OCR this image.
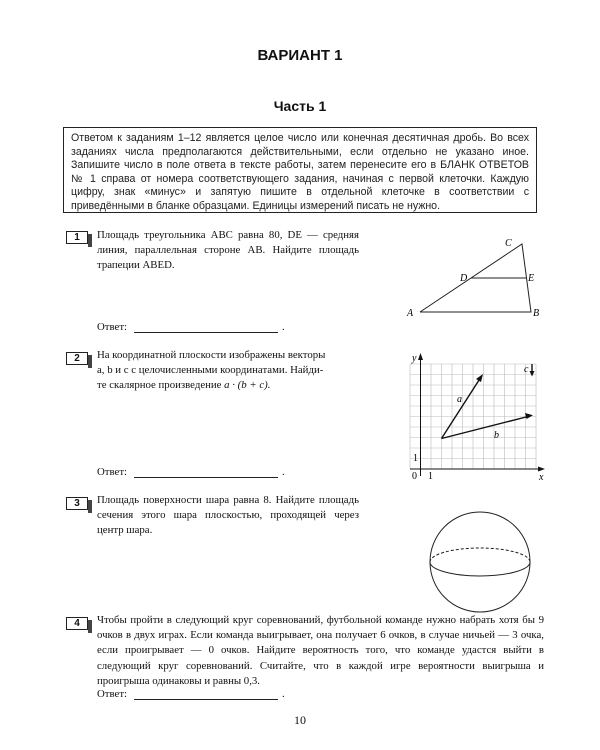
ВАРИАНТ 1
Часть 1
Ответом к заданиям 1–12 является целое число или конечная десятичная дробь. Во всех заданиях числа предполагаются действительными, если отдельно не указано иное. Запишите число в поле ответа в тексте работы, затем перенесите его в БЛАНК ОТВЕТОВ № 1 справа от номера соответствующего задания, начиная с первой клеточки. Каждую цифру, знак «минус» и запятую пишите в отдельной клеточке в соответствии с приведёнными в бланке образцами. Единицы измерений писать не нужно.
1	Площадь треугольника ABC равна 80, DE — средняя линия, параллельная стороне AB. Найдите площадь трапеции ABED.
A	B
C
D	E
Ответ:	.
2	На координатной плоскости изображены векторы
a, b и c с целочисленными координатами. Найди-
те скалярное произведение a · (b + c).
y
x
0 1
1
a
b
c
Ответ:	.
3	Площадь поверхности шара равна 8. Найдите площадь сечения этого шара плоскостью, проходящей через центр шара.
4	Чтобы пройти в следующий круг соревнований, футбольной команде нужно набрать хотя бы 9 очков в двух играх. Если команда выигрывает, она получает 6 очков, в случае ничьей — 3 очка, если проигрывает — 0 очков. Найдите вероятность того, что команде удастся выйти в следующий круг соревнований. Считайте, что в каждой игре вероятности выигрыша и проигрыша одинаковы и равны 0,3.
Ответ:	.
10
